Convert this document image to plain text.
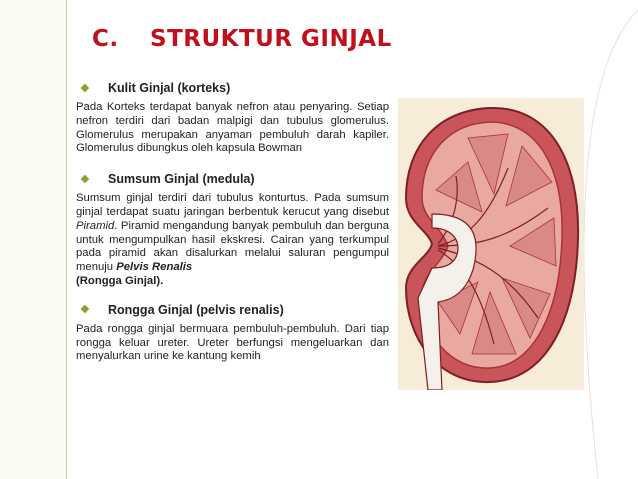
C. STRUKTUR GINJAL
❖	Kulit Ginjal (korteks)

Pada Korteks terdapat banyak nefron atau penyaring. Setiap nefron terdiri dari badan malpigi dan tubulus glomerulus. Glomerulus merupakan anyaman pembuluh darah kapiler. Glomerulus dibungkus oleh kapsula Bowman

❖	Sumsum Ginjal (medula)

Sumsum ginjal terdiri dari tubulus konturtus. Pada sumsum ginjal terdapat suatu jaringan berbentuk kerucut yang disebut Piramid. Piramid mengandung banyak pembuluh dan berguna untuk mengumpulkan hasil ekskresi. Cairan yang terkumpul pada piramid akan disalurkan melalui saluran pengumpul menuju Pelvis Renalis
(Rongga Ginjal).

❖	Rongga Ginjal (pelvis renalis)

Pada rongga ginjal bermuara pembuluh-pembuluh. Dari tiap rongga keluar ureter. Ureter berfungsi mengeluarkan dan menyalurkan urine ke kantung kemih
